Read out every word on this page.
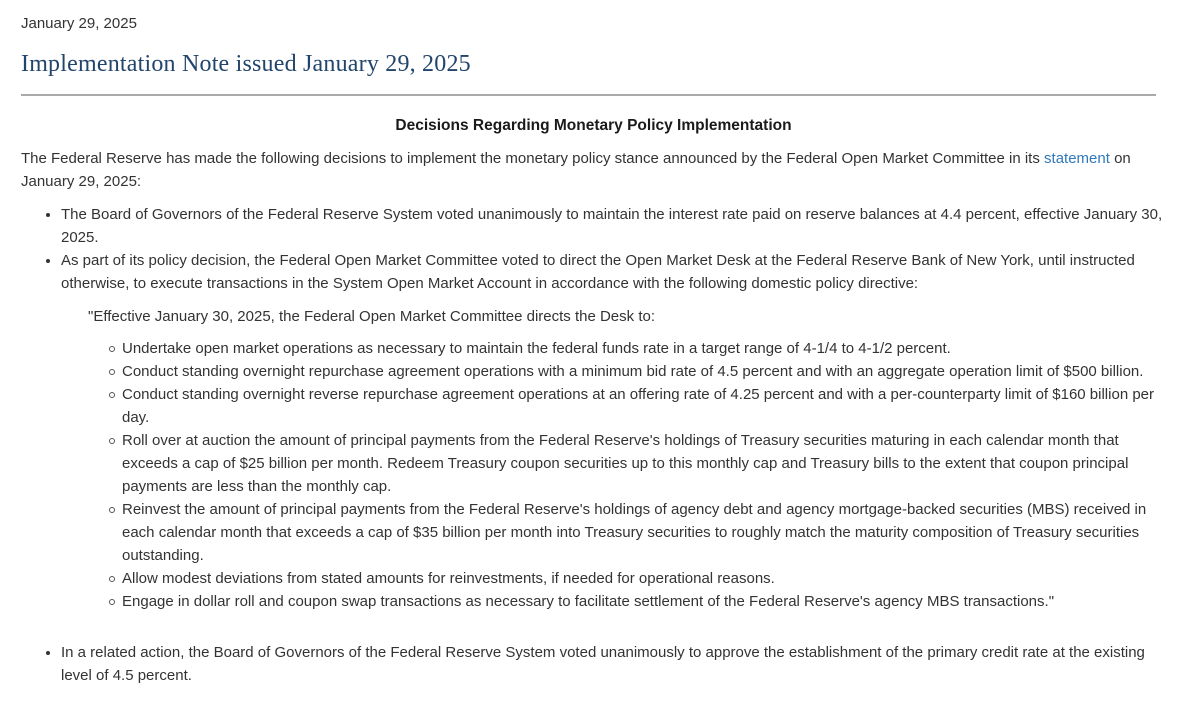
January 29, 2025
Implementation Note issued January 29, 2025
Decisions Regarding Monetary Policy Implementation

The Federal Reserve has made the following decisions to implement the monetary policy stance announced by the Federal Open Market Committee in its statement on January 29, 2025:

The Board of Governors of the Federal Reserve System voted unanimously to maintain the interest rate paid on reserve balances at 4.4 percent, effective January 30, 2025.
As part of its policy decision, the Federal Open Market Committee voted to direct the Open Market Desk at the Federal Reserve Bank of New York, until instructed otherwise, to execute transactions in the System Open Market Account in accordance with the following domestic policy directive:

"Effective January 30, 2025, the Federal Open Market Committee directs the Desk to:

Undertake open market operations as necessary to maintain the federal funds rate in a target range of 4-1/4 to 4-1/2 percent.
Conduct standing overnight repurchase agreement operations with a minimum bid rate of 4.5 percent and with an aggregate operation limit of $500 billion.
Conduct standing overnight reverse repurchase agreement operations at an offering rate of 4.25 percent and with a per-counterparty limit of $160 billion per day.
Roll over at auction the amount of principal payments from the Federal Reserve's holdings of Treasury securities maturing in each calendar month that exceeds a cap of $25 billion per month. Redeem Treasury coupon securities up to this monthly cap and Treasury bills to the extent that coupon principal payments are less than the monthly cap.
Reinvest the amount of principal payments from the Federal Reserve's holdings of agency debt and agency mortgage-backed securities (MBS) received in each calendar month that exceeds a cap of $35 billion per month into Treasury securities to roughly match the maturity composition of Treasury securities outstanding.
Allow modest deviations from stated amounts for reinvestments, if needed for operational reasons.
Engage in dollar roll and coupon swap transactions as necessary to facilitate settlement of the Federal Reserve's agency MBS transactions."
In a related action, the Board of Governors of the Federal Reserve System voted unanimously to approve the establishment of the primary credit rate at the existing level of 4.5 percent.
